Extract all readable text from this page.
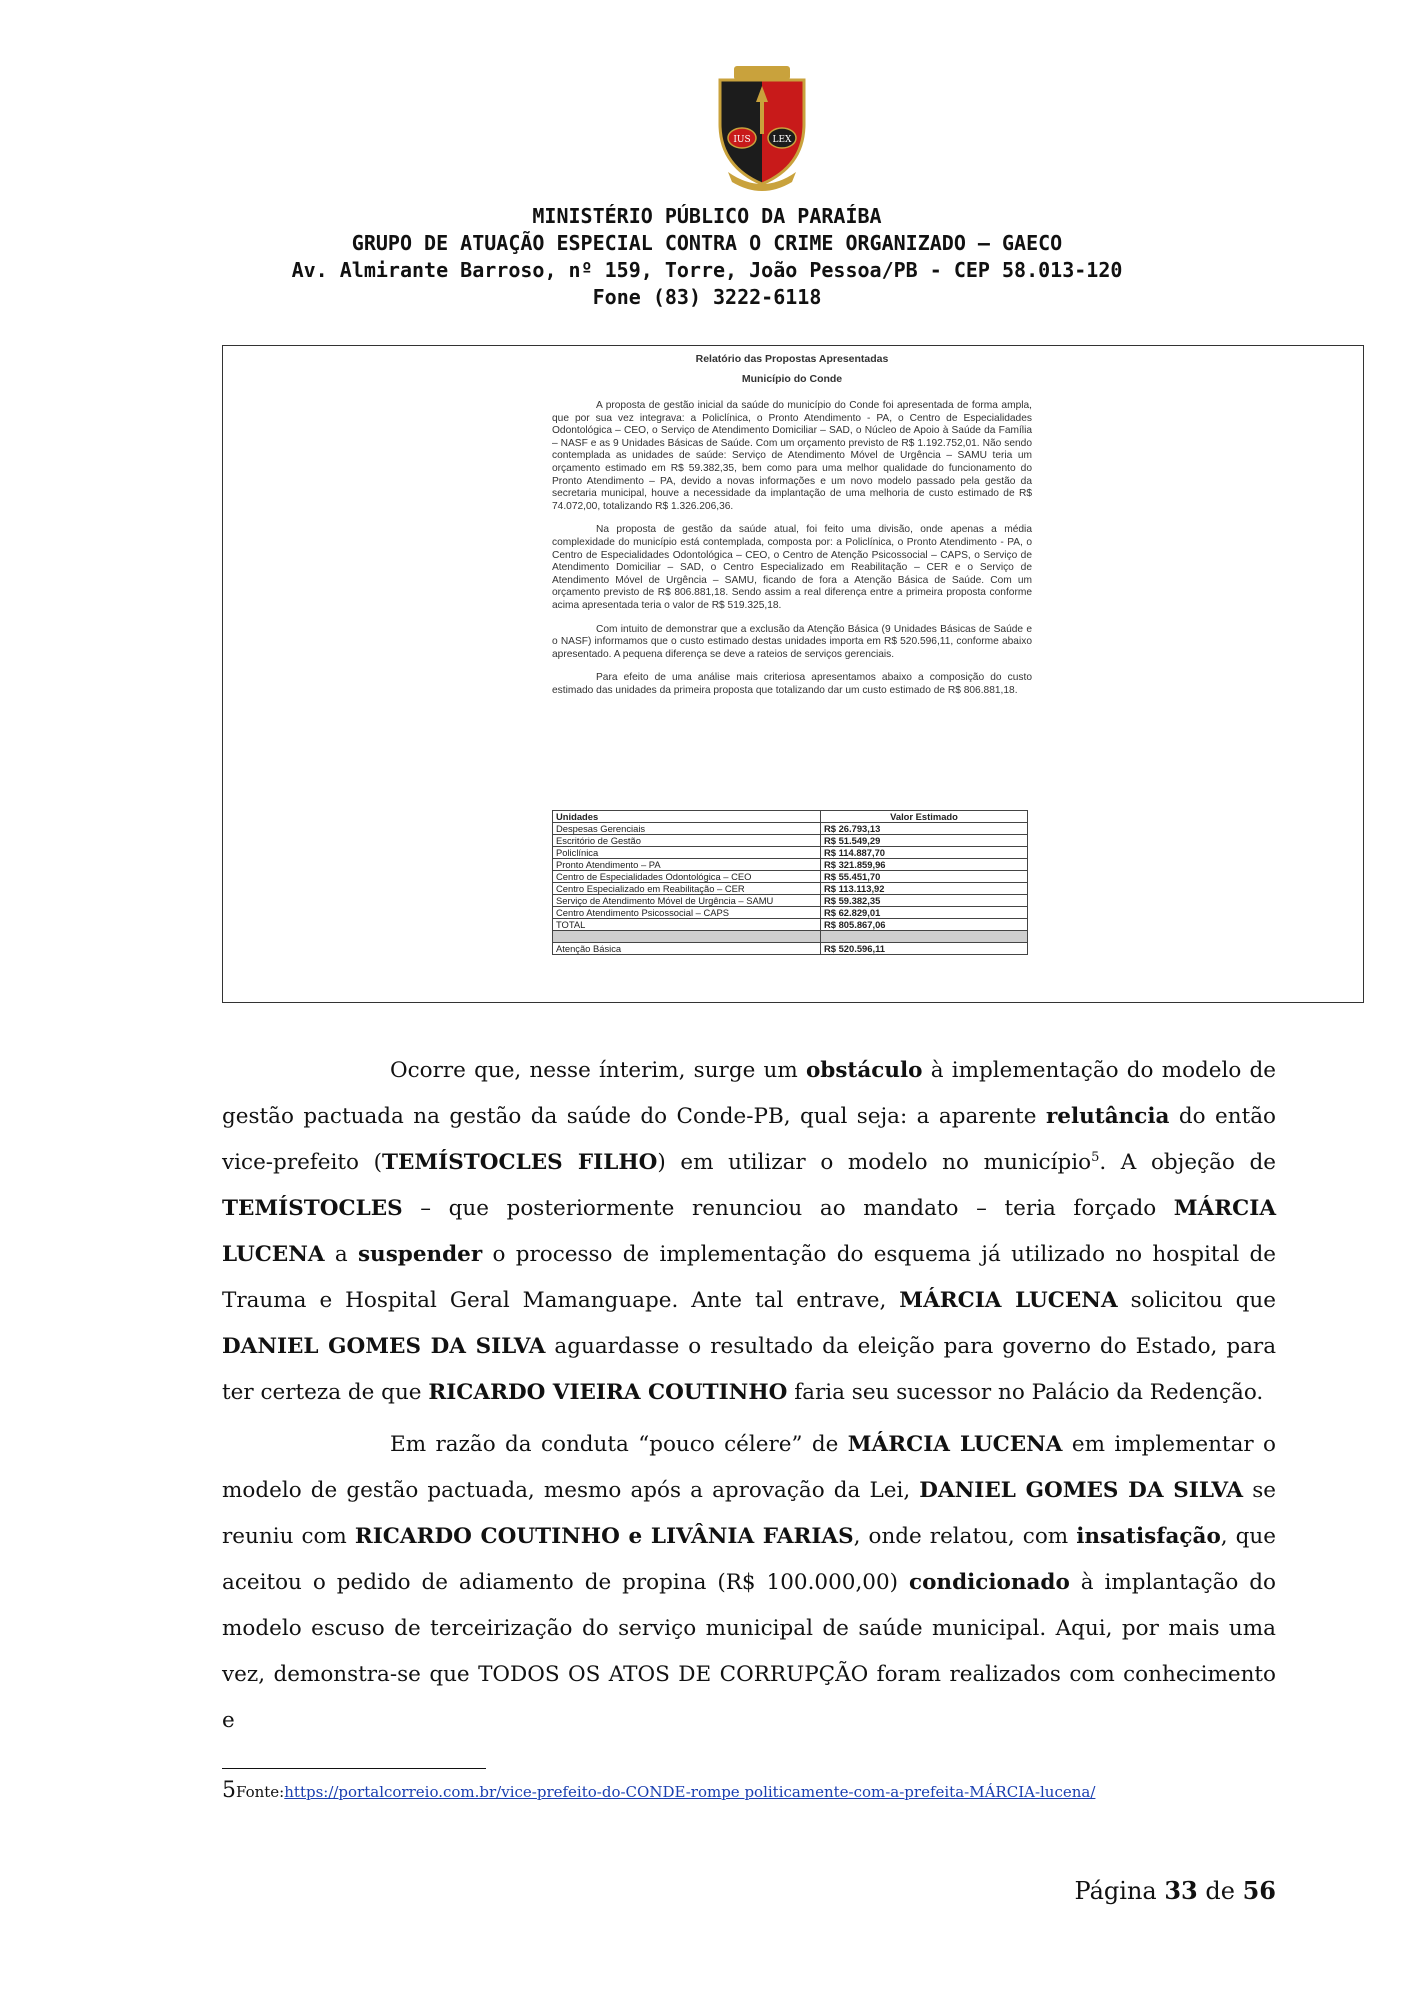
IUS LEX
MINISTÉRIO PÚBLICO DA PARAÍBA
GRUPO DE ATUAÇÃO ESPECIAL CONTRA O CRIME ORGANIZADO – GAECO
Av. Almirante Barroso, nº 159, Torre, João Pessoa/PB - CEP 58.013-120
Fone (83) 3222-6118
Relatório das Propostas Apresentadas
Município do Conde

A proposta de gestão inicial da saúde do município do Conde foi apresentada de forma ampla, que por sua vez integrava: a Policlínica, o Pronto Atendimento - PA, o Centro de Especialidades Odontológica – CEO, o Serviço de Atendimento Domiciliar – SAD, o Núcleo de Apoio à Saúde da Família – NASF e as 9 Unidades Básicas de Saúde. Com um orçamento previsto de R$ 1.192.752,01. Não sendo contemplada as unidades de saúde: Serviço de Atendimento Móvel de Urgência – SAMU teria um orçamento estimado em R$ 59.382,35, bem como para uma melhor qualidade do funcionamento do Pronto Atendimento – PA, devido a novas informações e um novo modelo passado pela gestão da secretaria municipal, houve a necessidade da implantação de uma melhoria de custo estimado de R$ 74.072,00, totalizando R$ 1.326.206,36.

Na proposta de gestão da saúde atual, foi feito uma divisão, onde apenas a média complexidade do município está contemplada, composta por: a Policlínica, o Pronto Atendimento - PA, o Centro de Especialidades Odontológica – CEO, o Centro de Atenção Psicossocial – CAPS, o Serviço de Atendimento Domiciliar – SAD, o Centro Especializado em Reabilitação – CER e o Serviço de Atendimento Móvel de Urgência – SAMU, ficando de fora a Atenção Básica de Saúde. Com um orçamento previsto de R$ 806.881,18. Sendo assim a real diferença entre a primeira proposta conforme acima apresentada teria o valor de R$ 519.325,18.

Com intuito de demonstrar que a exclusão da Atenção Básica (9 Unidades Básicas de Saúde e o NASF) informamos que o custo estimado destas unidades importa em R$ 520.596,11, conforme abaixo apresentado. A pequena diferença se deve a rateios de serviços gerenciais.

Para efeito de uma análise mais criteriosa apresentamos abaixo a composição do custo estimado das unidades da primeira proposta que totalizando dar um custo estimado de R$ 806.881,18.

Unidades	Valor Estimado
Despesas Gerenciais	R$ 26.793,13
Escritório de Gestão	R$ 51.549,29
Policlínica	R$ 114.887,70
Pronto Atendimento – PA	R$ 321.859,96
Centro de Especialidades Odontológica – CEO	R$ 55.451,70
Centro Especializado em Reabilitação – CER	R$ 113.113,92
Serviço de Atendimento Móvel de Urgência – SAMU	R$ 59.382,35
Centro Atendimento Psicossocial – CAPS	R$ 62.829,01
TOTAL	R$ 805.867,06

Atenção Básica	R$ 520.596,11

Ocorre que, nesse ínterim, surge um obstáculo à implementação do modelo de gestão pactuada na gestão da saúde do Conde-PB, qual seja: a aparente relutância do então vice-prefeito (TEMÍSTOCLES FILHO) em utilizar o modelo no município$^5$. A objeção de TEMÍSTOCLES – que posteriormente renunciou ao mandato – teria forçado MÁRCIA LUCENA a suspender o processo de implementação do esquema já utilizado no hospital de Trauma e Hospital Geral Mamanguape. Ante tal entrave, MÁRCIA LUCENA solicitou que DANIEL GOMES DA SILVA aguardasse o resultado da eleição para governo do Estado, para ter certeza de que RICARDO VIEIRA COUTINHO faria seu sucessor no Palácio da Redenção.

Em razão da conduta “pouco célere” de MÁRCIA LUCENA em implementar o modelo de gestão pactuada, mesmo após a aprovação da Lei, DANIEL GOMES DA SILVA se reuniu com RICARDO COUTINHO e LIVÂNIA FARIAS, onde relatou, com insatisfação, que aceitou o pedido de adiamento de propina (R$ 100.000,00) condicionado à implantação do modelo escuso de terceirização do serviço municipal de saúde municipal. Aqui, por mais uma vez, demonstra-se que TODOS OS ATOS DE CORRUPÇÃO foram realizados com conhecimento e

5Fonte:https://portalcorreio.com.br/vice-prefeito-do-CONDE-rompe politicamente-com-a-prefeita-MÁRCIA-lucena/
Página 33 de 56
